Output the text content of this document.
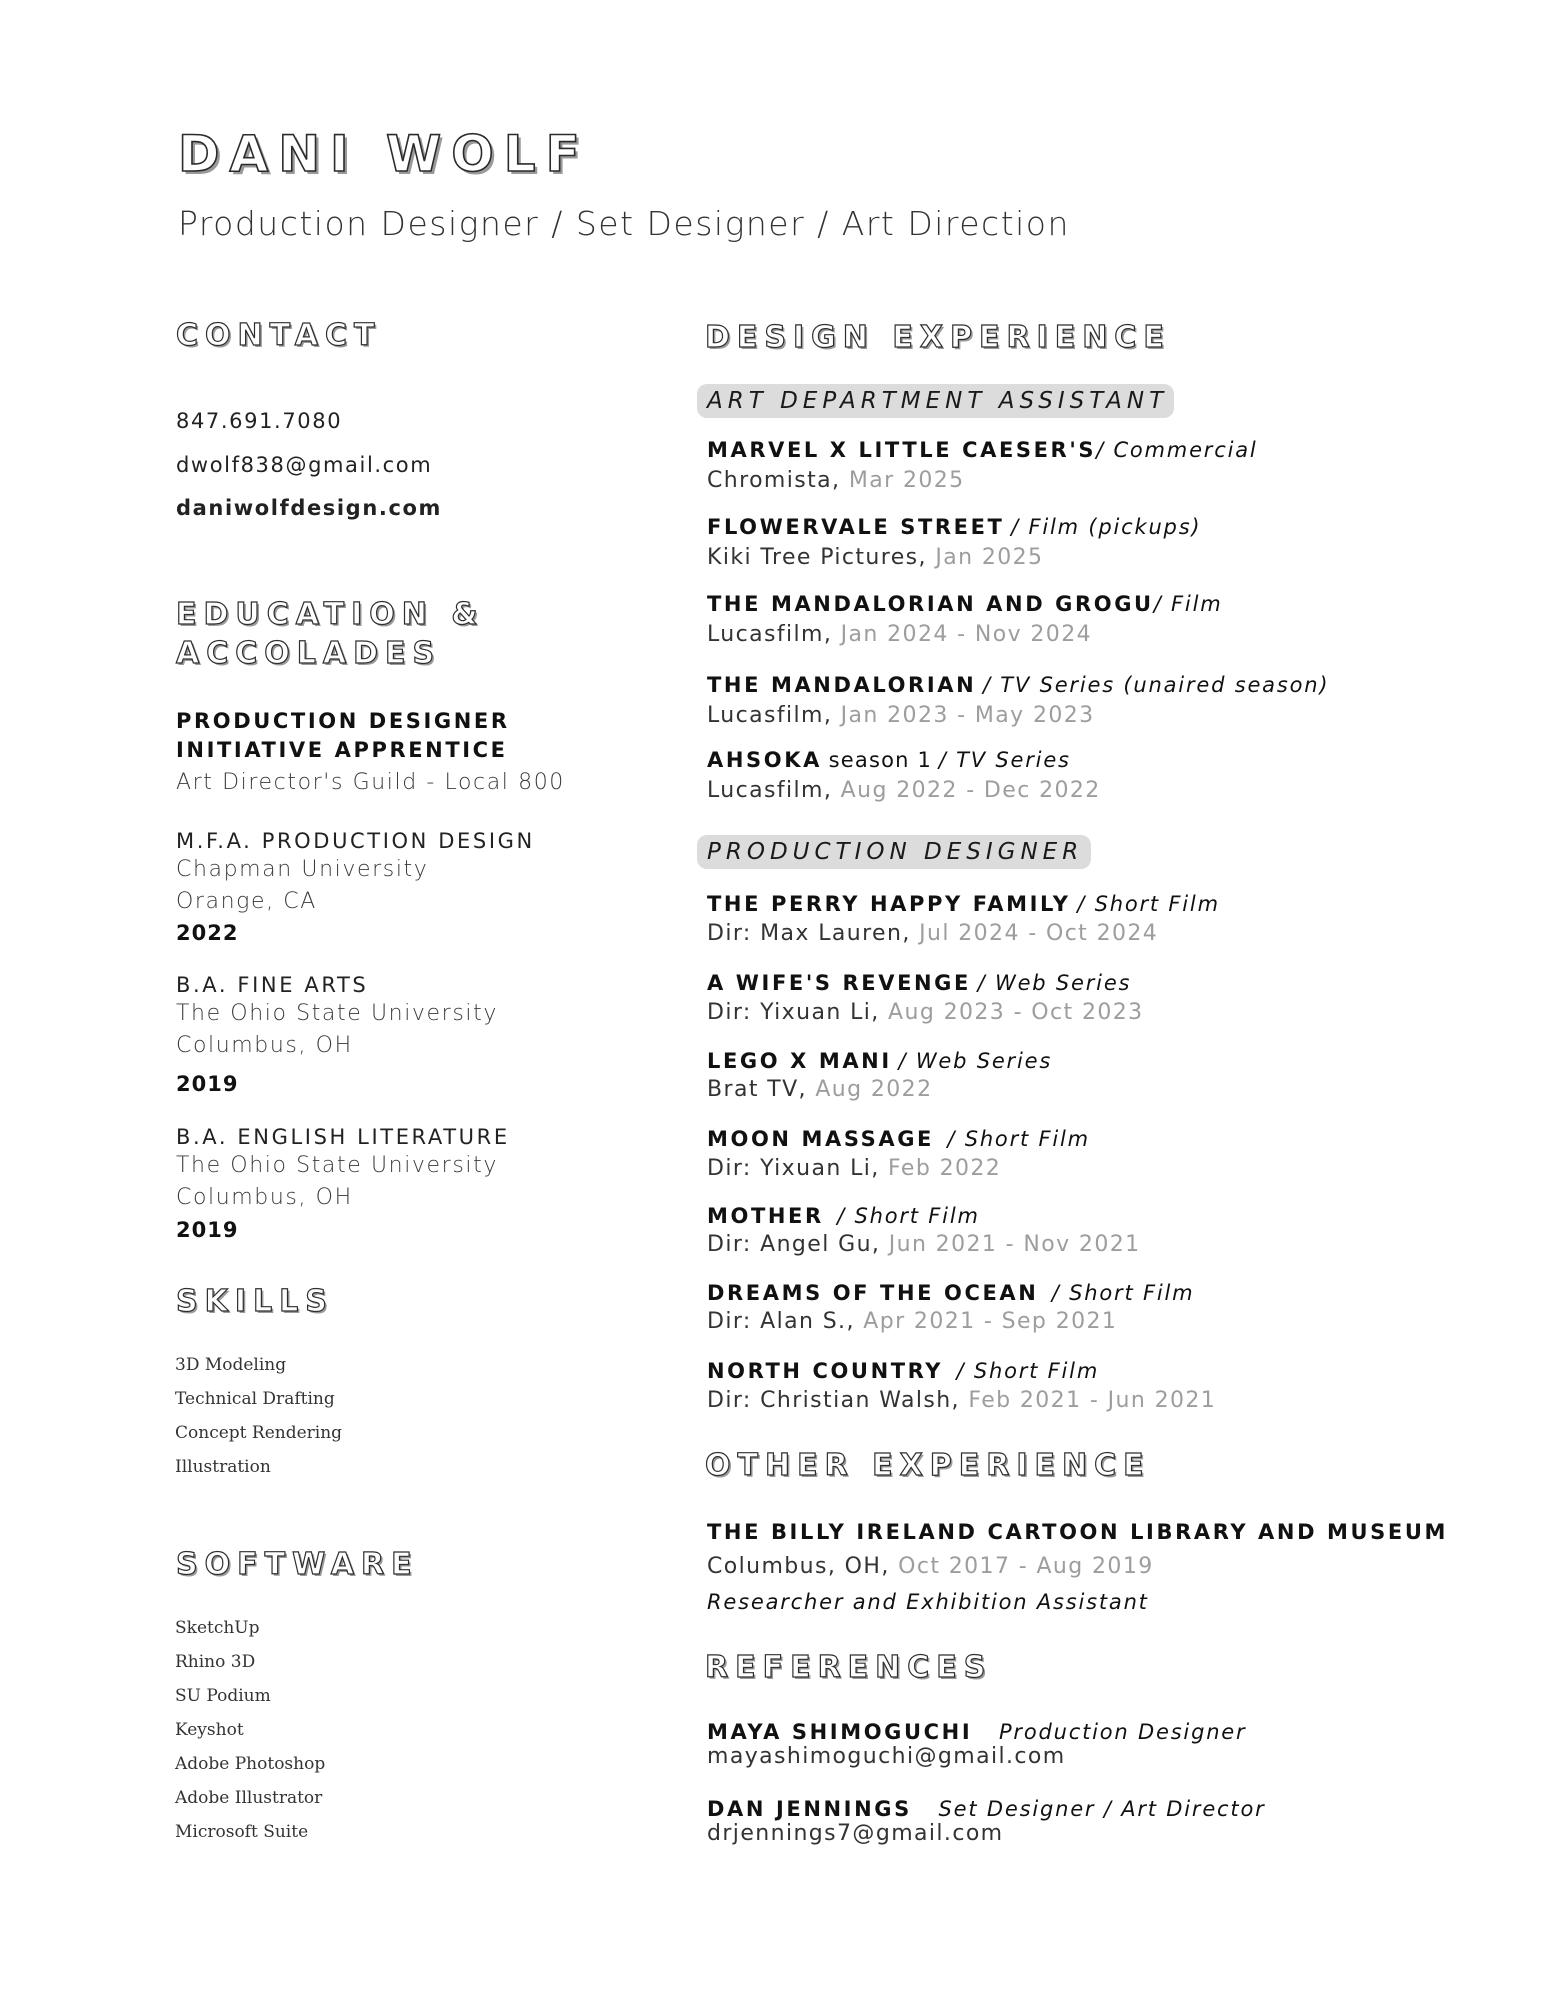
DANI WOLF
Production Designer / Set Designer / Art Direction
CONTACT
847.691.7080
dwolf838@gmail.com
daniwolfdesign.com
EDUCATION &
ACCOLADES
PRODUCTION DESIGNER
INITIATIVE APPRENTICE
Art Director's Guild - Local 800
M.F.A. PRODUCTION DESIGN
Chapman University
Orange, CA
2022
B.A. FINE ARTS
The Ohio State University
Columbus, OH
2019
B.A. ENGLISH LITERATURE
The Ohio State University
Columbus, OH
2019
SKILLS
3D Modeling
Technical Drafting
Concept Rendering
Illustration
SOFTWARE
SketchUp
Rhino 3D
SU Podium
Keyshot
Adobe Photoshop
Adobe Illustrator
Microsoft Suite
DESIGN EXPERIENCE
ART DEPARTMENT ASSISTANT
MARVEL X LITTLE CAESER'S/ Commercial
Chromista, Mar 2025
FLOWERVALE STREET / Film (pickups)
Kiki Tree Pictures, Jan 2025
THE MANDALORIAN AND GROGU/ Film
Lucasfilm, Jan 2024 - Nov 2024
THE MANDALORIAN / TV Series (unaired season)
Lucasfilm, Jan 2023 - May 2023
AHSOKA season 1 / TV Series
Lucasfilm, Aug 2022 - Dec 2022
PRODUCTION DESIGNER
THE PERRY HAPPY FAMILY / Short Film
Dir: Max Lauren, Jul 2024 - Oct 2024
A WIFE'S REVENGE / Web Series
Dir: Yixuan Li, Aug 2023 - Oct 2023
LEGO X MANI / Web Series
Brat TV, Aug 2022
MOON MASSAGE / Short Film
Dir: Yixuan Li, Feb 2022
MOTHER / Short Film
Dir: Angel Gu, Jun 2021 - Nov 2021
DREAMS OF THE OCEAN / Short Film
Dir: Alan S., Apr 2021 - Sep 2021
NORTH COUNTRY / Short Film
Dir: Christian Walsh, Feb 2021 - Jun 2021
OTHER EXPERIENCE
THE BILLY IRELAND CARTOON LIBRARY AND MUSEUM
Columbus, OH, Oct 2017 - Aug 2019
Researcher and Exhibition Assistant
REFERENCES
MAYA SHIMOGUCHI Production Designer
mayashimoguchi@gmail.com
DAN JENNINGS Set Designer / Art Director
drjennings7@gmail.com
